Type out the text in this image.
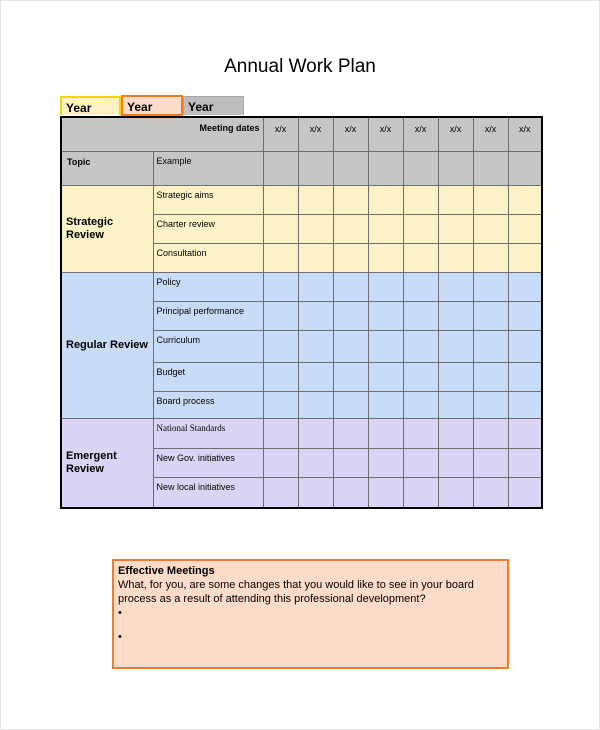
Annual Work Plan
Year	Year	Year
Meeting dates		x/x	x/x	x/x	x/x	x/x	x/x	x/x	x/x
Topic	Example								
Strategic Review	Strategic aims								
	Charter review								
	Consultation								
Regular Review	Policy								
	Principal performance								
	Curriculum								
	Budget								
	Board process								
Emergent Review	National Standards								
	New Gov. initiatives								
	New local initiatives								
Effective Meetings
What, for you, are some changes that you would like to see in your board process as a result of attending this professional development?
•
•
